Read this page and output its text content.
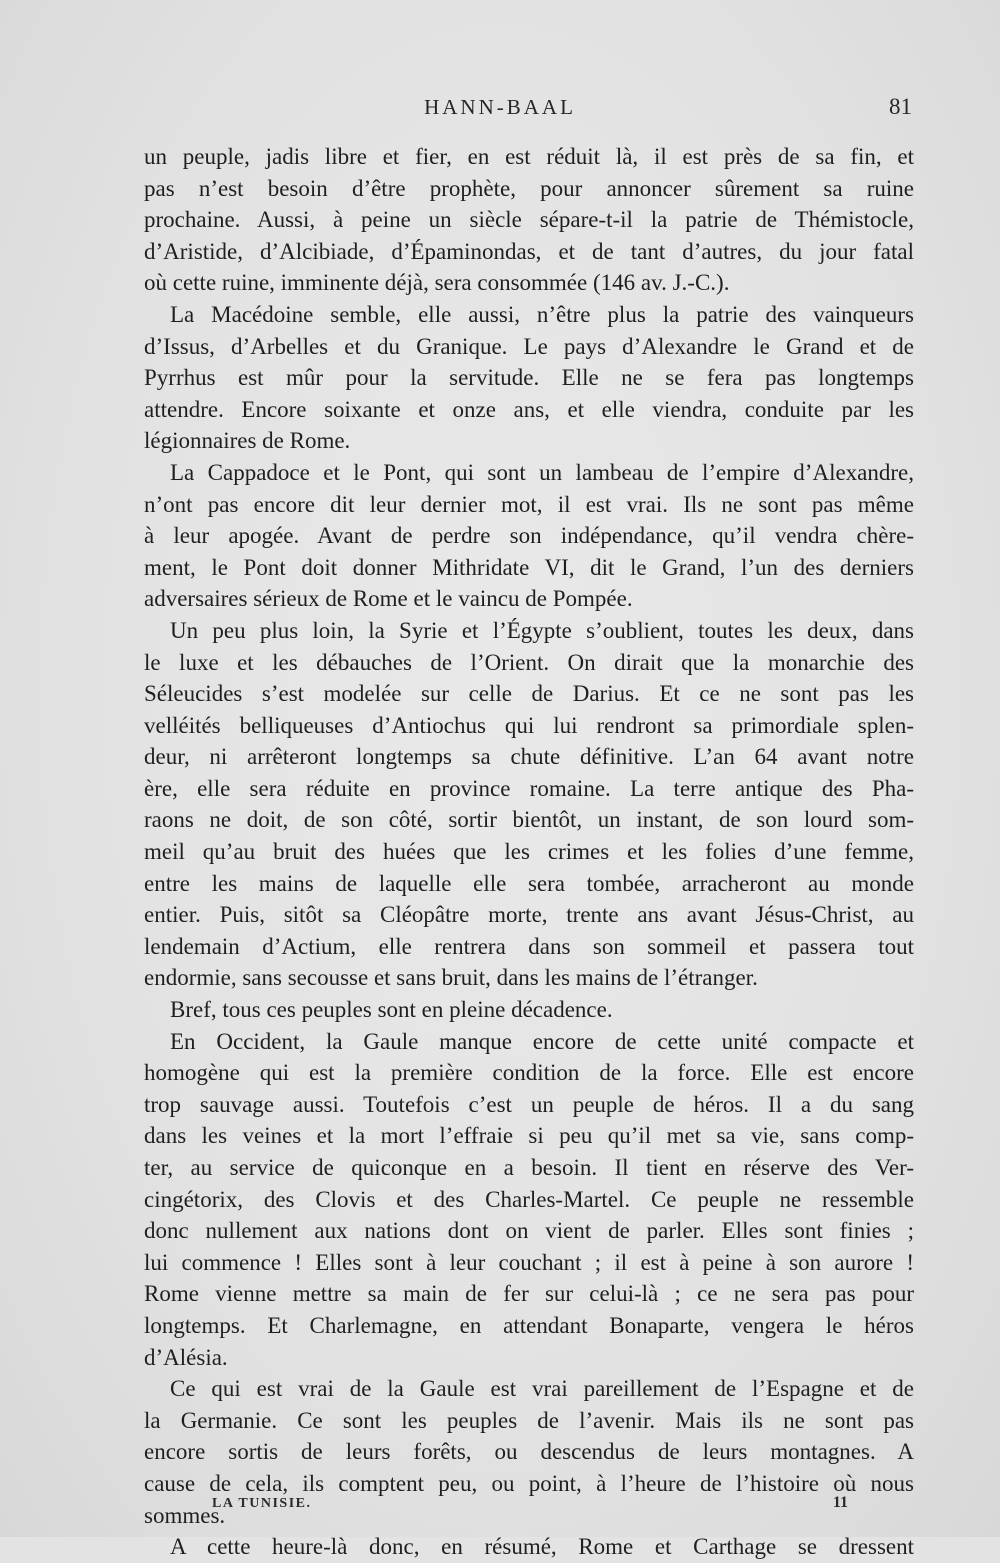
HANN-BAAL	81
un peuple, jadis libre et fier, en est réduit là, il est près de sa fin, et
pas n’est besoin d’être prophète, pour annoncer sûrement sa ruine
prochaine. Aussi, à peine un siècle sépare-t-il la patrie de Thémistocle,
d’Aristide, d’Alcibiade, d’Épaminondas, et de tant d’autres, du jour fatal
où cette ruine, imminente déjà, sera consommée (146 av. J.-C.).
La Macédoine semble, elle aussi, n’être plus la patrie des vainqueurs
d’Issus, d’Arbelles et du Granique. Le pays d’Alexandre le Grand et de
Pyrrhus est mûr pour la servitude. Elle ne se fera pas longtemps
attendre. Encore soixante et onze ans, et elle viendra, conduite par les
légionnaires de Rome.
La Cappadoce et le Pont, qui sont un lambeau de l’empire d’Alexandre,
n’ont pas encore dit leur dernier mot, il est vrai. Ils ne sont pas même
à leur apogée. Avant de perdre son indépendance, qu’il vendra chère-
ment, le Pont doit donner Mithridate VI, dit le Grand, l’un des derniers
adversaires sérieux de Rome et le vaincu de Pompée.
Un peu plus loin, la Syrie et l’Égypte s’oublient, toutes les deux, dans
le luxe et les débauches de l’Orient. On dirait que la monarchie des
Séleucides s’est modelée sur celle de Darius. Et ce ne sont pas les
velléités belliqueuses d’Antiochus qui lui rendront sa primordiale splen-
deur, ni arrêteront longtemps sa chute définitive. L’an 64 avant notre
ère, elle sera réduite en province romaine. La terre antique des Pha-
raons ne doit, de son côté, sortir bientôt, un instant, de son lourd som-
meil qu’au bruit des huées que les crimes et les folies d’une femme,
entre les mains de laquelle elle sera tombée, arracheront au monde
entier. Puis, sitôt sa Cléopâtre morte, trente ans avant Jésus-Christ, au
lendemain d’Actium, elle rentrera dans son sommeil et passera tout
endormie, sans secousse et sans bruit, dans les mains de l’étranger.
Bref, tous ces peuples sont en pleine décadence.
En Occident, la Gaule manque encore de cette unité compacte et
homogène qui est la première condition de la force. Elle est encore
trop sauvage aussi. Toutefois c’est un peuple de héros. Il a du sang
dans les veines et la mort l’effraie si peu qu’il met sa vie, sans comp-
ter, au service de quiconque en a besoin. Il tient en réserve des Ver-
cingétorix, des Clovis et des Charles-Martel. Ce peuple ne ressemble
donc nullement aux nations dont on vient de parler. Elles sont finies ;
lui commence ! Elles sont à leur couchant ; il est à peine à son aurore !
Rome vienne mettre sa main de fer sur celui-là ; ce ne sera pas pour
longtemps. Et Charlemagne, en attendant Bonaparte, vengera le héros
d’Alésia.
Ce qui est vrai de la Gaule est vrai pareillement de l’Espagne et de
la Germanie. Ce sont les peuples de l’avenir. Mais ils ne sont pas
encore sortis de leurs forêts, ou descendus de leurs montagnes. A
cause de cela, ils comptent peu, ou point, à l’heure de l’histoire où nous
sommes.
A cette heure-là donc, en résumé, Rome et Carthage se dressent
LA TUNISIE.	11
